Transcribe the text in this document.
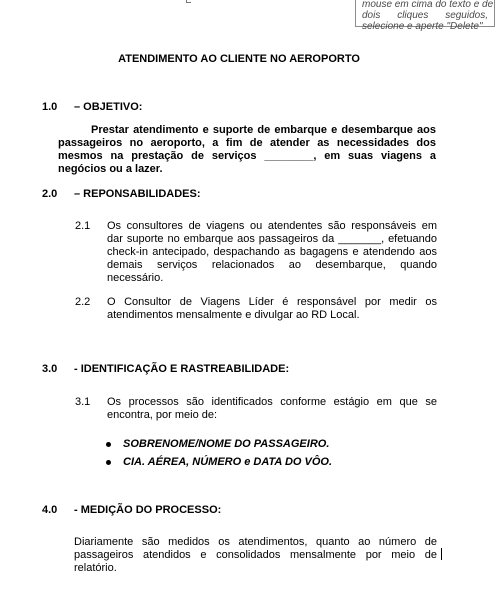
mouse em cima do texto e de
dois cliques seguidos,
selecione e aperte "Delete"
ATENDIMENTO AO CLIENTE NO AEROPORTO
1.0 – OBJETIVO:
Prestar atendimento e suporte de embarque e desembarque aos
passageiros no aeroporto, a fim de atender as necessidades dos
mesmos na prestação de serviços ________, em suas viagens a
negócios ou a lazer.
2.0 – REPONSABILIDADES:
2.1 Os consultores de viagens ou atendentes são responsáveis em
dar suporte no embarque aos passageiros da _______, efetuando
check-in antecipado, despachando as bagagens e atendendo aos
demais serviços relacionados ao desembarque, quando
necessário.
2.2 O Consultor de Viagens Líder é responsável por medir os
atendimentos mensalmente e divulgar ao RD Local.
3.0 - IDENTIFICAÇÃO E RASTREABILIDADE:
3.1 Os processos são identificados conforme estágio em que se
encontra, por meio de:
SOBRENOME/NOME DO PASSAGEIRO.
CIA. AÉREA, NÚMERO e DATA DO VÔO.
4.0 - MEDIÇÃO DO PROCESSO:
Diariamente são medidos os atendimentos, quanto ao número de
passageiros atendidos e consolidados mensalmente por meio de
relatório.
